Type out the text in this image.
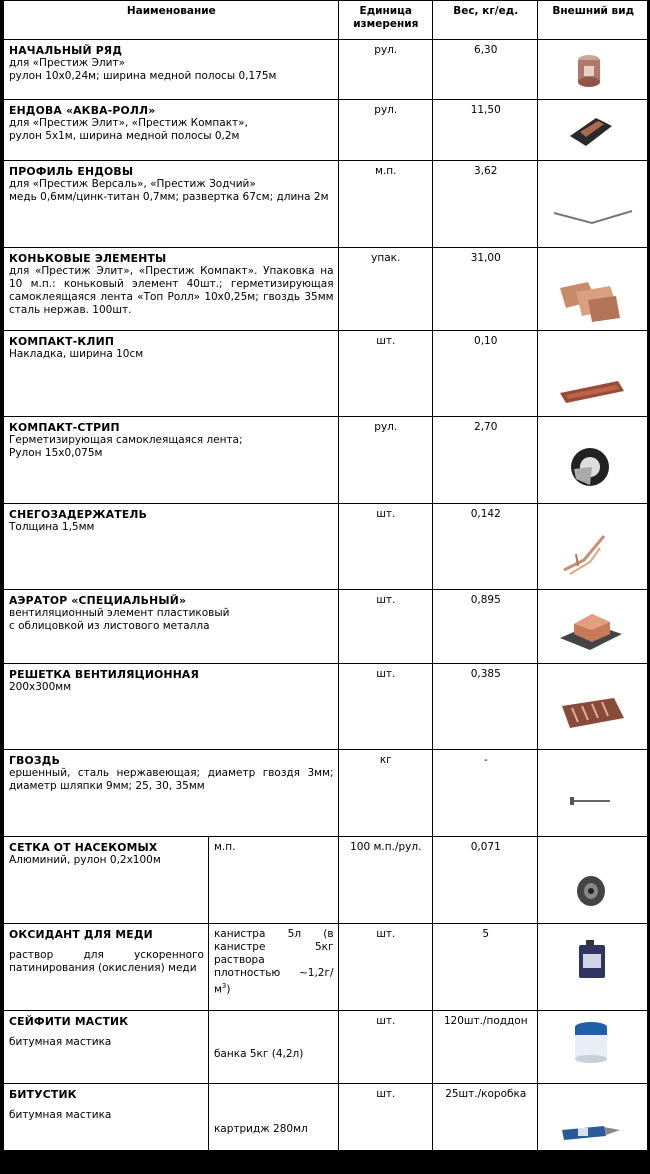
Наименование		Единица
измерения	Вес, кг/ед.	Внешний вид

НАЧАЛЬНЫЙ РЯД
для «Престиж Элит»
рулон 10х0,24м; ширина медной полосы 0,175м		рул.	6,30	

ЕНДОВА «АКВА-РОЛЛ»
для «Престиж Элит», «Престиж Компакт»,
рулон 5х1м, ширина медной полосы 0,2м		рул.	11,50	

ПРОФИЛЬ ЕНДОВЫ
для «Престиж Версаль», «Престиж Зодчий»
медь 0,6мм/цинк-титан 0,7мм; развертка 67см; длина 2м		м.п.	3,62	

КОНЬКОВЫЕ ЭЛЕМЕНТЫ
для «Престиж Элит», «Престиж Компакт». Упаковка на 10 м.п.: коньковый элемент 40шт.; герметизирующая самоклеящаяся лента «Топ Ролл» 10х0,25м; гвоздь 35мм сталь нержав. 100шт.		упак.	31,00	

КОМПАКТ-КЛИП
Накладка, ширина 10см		шт.	0,10	

КОМПАКТ-СТРИП
Герметизирующая самоклеящаяся лента;
Рулон 15х0,075м		рул.	2,70	

СНЕГОЗАДЕРЖАТЕЛЬ
Толщина 1,5мм		шт.	0,142	

АЭРАТОР «СПЕЦИАЛЬНЫЙ»
вентиляционный элемент пластиковый
с облицовкой из листового металла		шт.	0,895	

РЕШЕТКА ВЕНТИЛЯЦИОННАЯ
200х300мм		шт.	0,385	

ГВОЗДЬ
ершенный, сталь нержавеющая; диаметр гвоздя 3мм; диаметр шляпки 9мм; 25, 30, 35мм		кг	-	

СЕТКА ОТ НАСЕКОМЫХ
Алюминий, рулон 0,2х100м	м.п.	100 м.п./рул.	0,071	

ОКСИДАНТ ДЛЯ МЕДИ
раствор для ускоренного патинирования (окисления) меди	канистра 5л (в канистре 5кг раствора плотностью $\sim 1,2г/м^3$)	шт.	5	

СЕЙФИТИ МАСТИК
битумная мастика	банка 5кг (4,2л)	шт.	120шт./поддон	

БИТУСТИК
битумная мастика	картридж 280мл	шт.	25шт./коробка	
